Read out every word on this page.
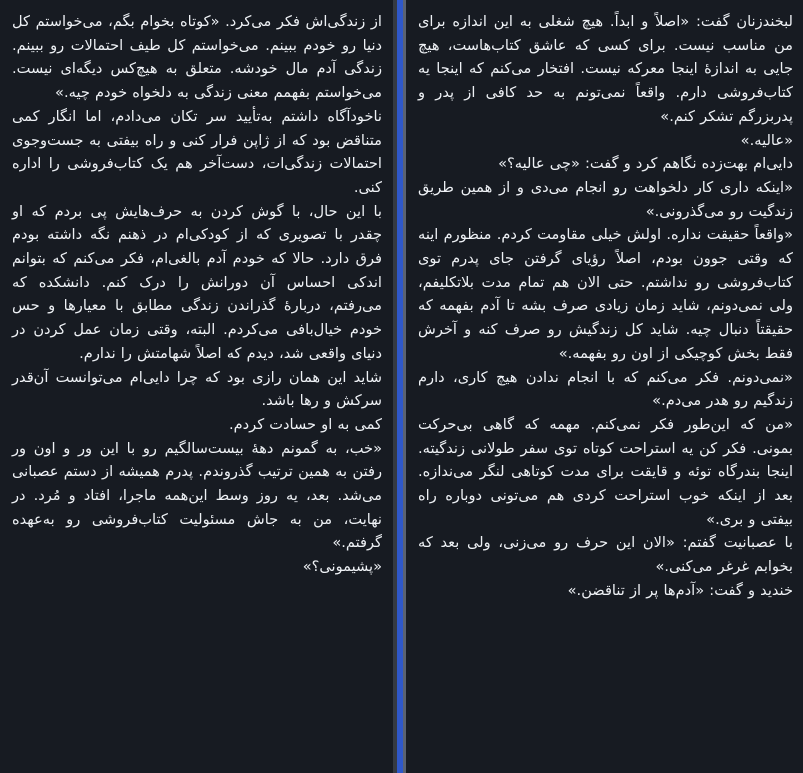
از زندگی‌اش فکر می‌کرد. «کوتاه بخوام بگم، می‌خواستم کل دنیا رو خودم ببینم. می‌خواستم کل طیف احتمالات رو ببینم. زندگی آدم مال خودشه. متعلق به هیچ‌کس دیگه‌ای نیست. می‌خواستم بفهمم معنی زندگی به دلخواه خودم چیه.»

ناخودآگاه داشتم به‌تأیید سر تکان می‌دادم، اما انگار کمی متناقض بود که از ژاپن فرار کنی و راه بیفتی به جست‌وجوی احتمالات زندگی‌ات، دست‌آخر هم یک کتاب‌فروشی را اداره کنی.

با این حال، با گوش کردن به حرف‌هایش پی بردم که او چقدر با تصویری که از کودکی‌ام در ذهنم نگه داشته بودم فرق دارد. حالا که خودم آدم بالغی‌ام، فکر می‌کنم که بتوانم اندکی احساس آن دورانش را درک کنم. دانشکده که می‌رفتم، دربارهٔ گذراندن زندگی مطابق با معیارها و حس خودم خیال‌بافی می‌کردم. البته، وقتی زمان عمل کردن در دنیای واقعی شد، دیدم که اصلاً شهامتش را ندارم.

شاید این همان رازی بود که چرا دایی‌ام می‌توانست آن‌قدر سرکش و رها باشد.

کمی به او حسادت کردم.

«خب، به گمونم دههٔ بیست‌سالگیم رو با این ور و اون ور رفتن به همین ترتیب گذروندم. پدرم همیشه از دستم عصبانی می‌شد. بعد، یه روز وسط این‌همه ماجرا، افتاد و مُرد. در نهایت، من به جاش مسئولیت کتاب‌فروشی رو به‌عهده گرفتم.»

«پشیمونی؟»

لبخندزنان گفت: «اصلاً و ابداً. هیچ شغلی به این اندازه برای من مناسب نیست. برای کسی که عاشق کتاب‌هاست، هیچ جایی به اندازهٔ اینجا معرکه نیست. افتخار می‌کنم که اینجا یه کتاب‌فروشی دارم. واقعاً نمی‌تونم به حد کافی از پدر و پدربزرگم تشکر کنم.»

«عالیه.»

دایی‌ام بهت‌زده نگاهم کرد و گفت: «چی عالیه؟»

«اینکه داری کار دلخواهت رو انجام می‌دی و از همین طریق زندگیت رو می‌گذرونی.»

«واقعاً حقیقت نداره. اولش خیلی مقاومت کردم. منظورم اینه که وقتی جوون بودم، اصلاً رؤیای گرفتن جای پدرم توی کتاب‌فروشی رو نداشتم. حتی الان هم تمام مدت بلاتکلیفم، ولی نمی‌دونم، شاید زمان زیادی صرف بشه تا آدم بفهمه که حقیقتاً دنبال چیه. شاید کل زندگیش رو صرف کنه و آخرش فقط بخش کوچیکی از اون رو بفهمه.»

«نمی‌دونم. فکر می‌کنم که با انجام ندادن هیچ کاری، دارم زندگیم رو هدر می‌دم.»

«من که این‌طور فکر نمی‌کنم. مهمه که گاهی بی‌حرکت بمونی. فکر کن یه استراحت کوتاه توی سفر طولانی زندگیته. اینجا بندرگاه توئه و قایقت برای مدت کوتاهی لنگر می‌ندازه. بعد از اینکه خوب استراحت کردی هم می‌تونی دوباره راه بیفتی و بری.»

با عصبانیت گفتم: «الان این حرف رو می‌زنی، ولی بعد که بخوابم غرغر می‌کنی.»

خندید و گفت: «آدم‌ها پر از تناقضن.»
